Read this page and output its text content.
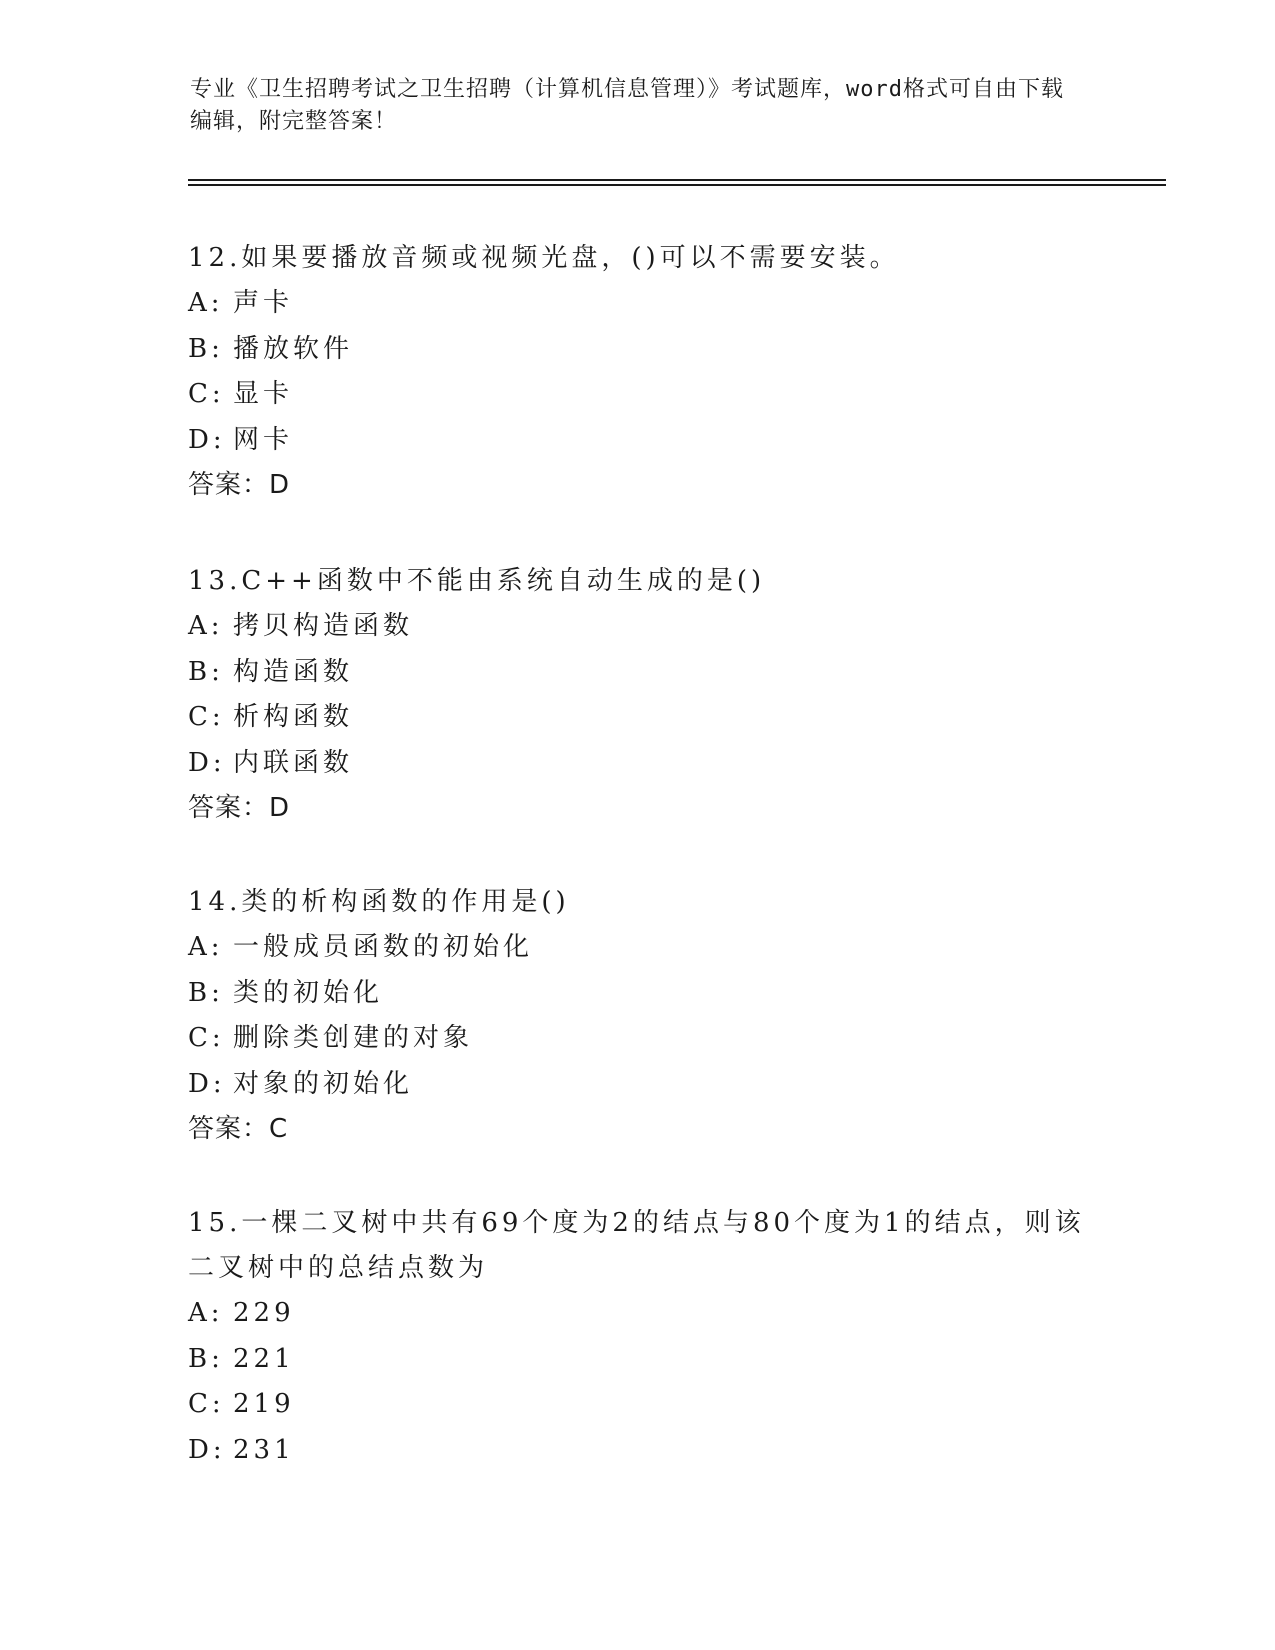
专业《卫生招聘考试之卫生招聘（计算机信息管理）》考试题库，word格式可自由下载编辑，附完整答案！
12.如果要播放音频或视频光盘，()可以不需要安装。
A: 声卡
B: 播放软件
C: 显卡
D: 网卡
答案：D
13.C++函数中不能由系统自动生成的是()
A: 拷贝构造函数
B: 构造函数
C: 析构函数
D: 内联函数
答案：D
14.类的析构函数的作用是()
A: 一般成员函数的初始化
B: 类的初始化
C: 删除类创建的对象
D: 对象的初始化
答案：C
15.一棵二叉树中共有69个度为2的结点与80个度为1的结点，则该二叉树中的总结点数为
A: 229
B: 221
C: 219
D: 231
